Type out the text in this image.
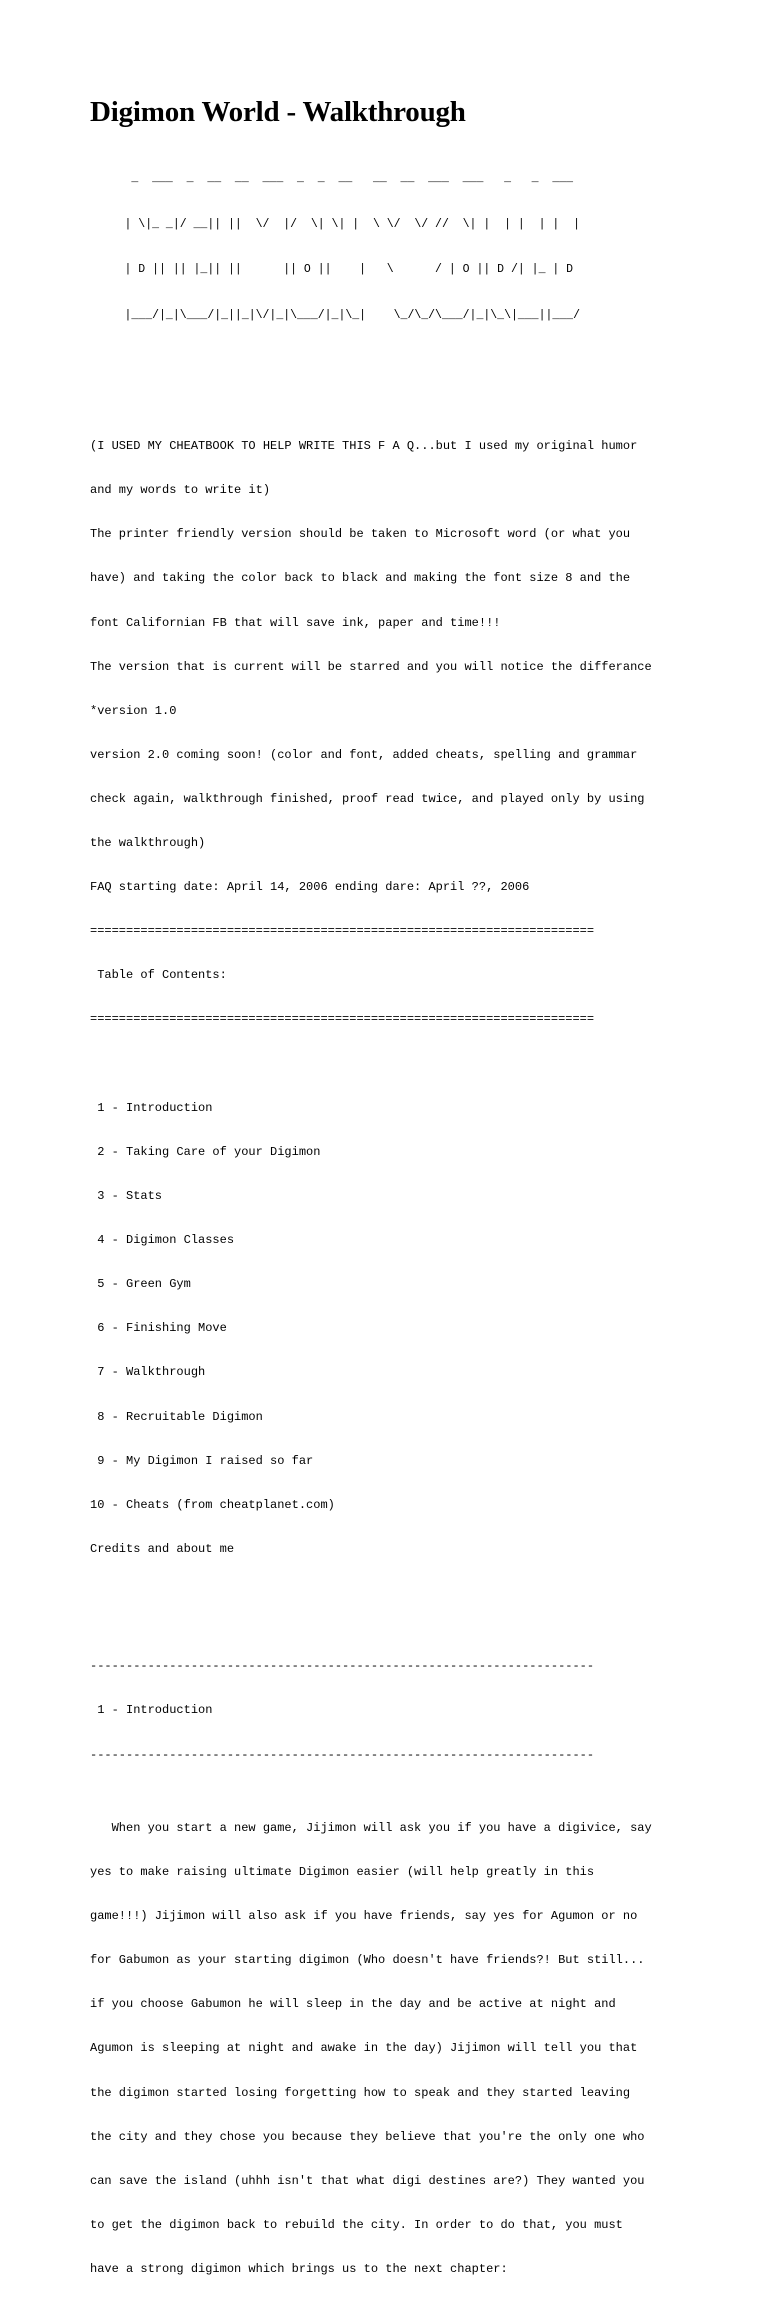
Digimon World - Walkthrough

_  ___  _  __  __  ___  _  _  __   __  __  ___  ___   _   _  ___

| \|_ _|/ __|| ||  \/  |/  \| \| |  \ \/  \/ //  \| |  | |  | |  |

| D || || |_|| ||      || O ||    |   \      / | O || D /| |_ | D

|___/|_|\___/|_||_|\/|_|\___/|_|\_|    \_/\_/\___/|_|\_\|___||___/

(I USED MY CHEATBOOK TO HELP WRITE THIS F A Q...but I used my original humor

and my words to write it)

The printer friendly version should be taken to Microsoft word (or what you

have) and taking the color back to black and making the font size 8 and the

font Californian FB that will save ink, paper and time!!!

The version that is current will be starred and you will notice the differance

*version 1.0

version 2.0 coming soon! (color and font, added cheats, spelling and grammar

check again, walkthrough finished, proof read twice, and played only by using

the walkthrough)

FAQ starting date: April 14, 2006 ending dare: April ??, 2006

======================================================================

Table of Contents:

======================================================================

1 - Introduction

2 - Taking Care of your Digimon

3 - Stats

4 - Digimon Classes

5 - Green Gym

6 - Finishing Move

7 - Walkthrough

8 - Recruitable Digimon

9 - My Digimon I raised so far

10 - Cheats (from cheatplanet.com)

Credits and about me

----------------------------------------------------------------------

1 - Introduction

----------------------------------------------------------------------

When you start a new game, Jijimon will ask you if you have a digivice, say

yes to make raising ultimate Digimon easier (will help greatly in this

game!!!) Jijimon will also ask if you have friends, say yes for Agumon or no

for Gabumon as your starting digimon (Who doesn't have friends?! But still...

if you choose Gabumon he will sleep in the day and be active at night and

Agumon is sleeping at night and awake in the day) Jijimon will tell you that

the digimon started losing forgetting how to speak and they started leaving

the city and they chose you because they believe that you're the only one who

can save the island (uhhh isn't that what digi destines are?) They wanted you

to get the digimon back to rebuild the city. In order to do that, you must

have a strong digimon which brings us to the next chapter:
